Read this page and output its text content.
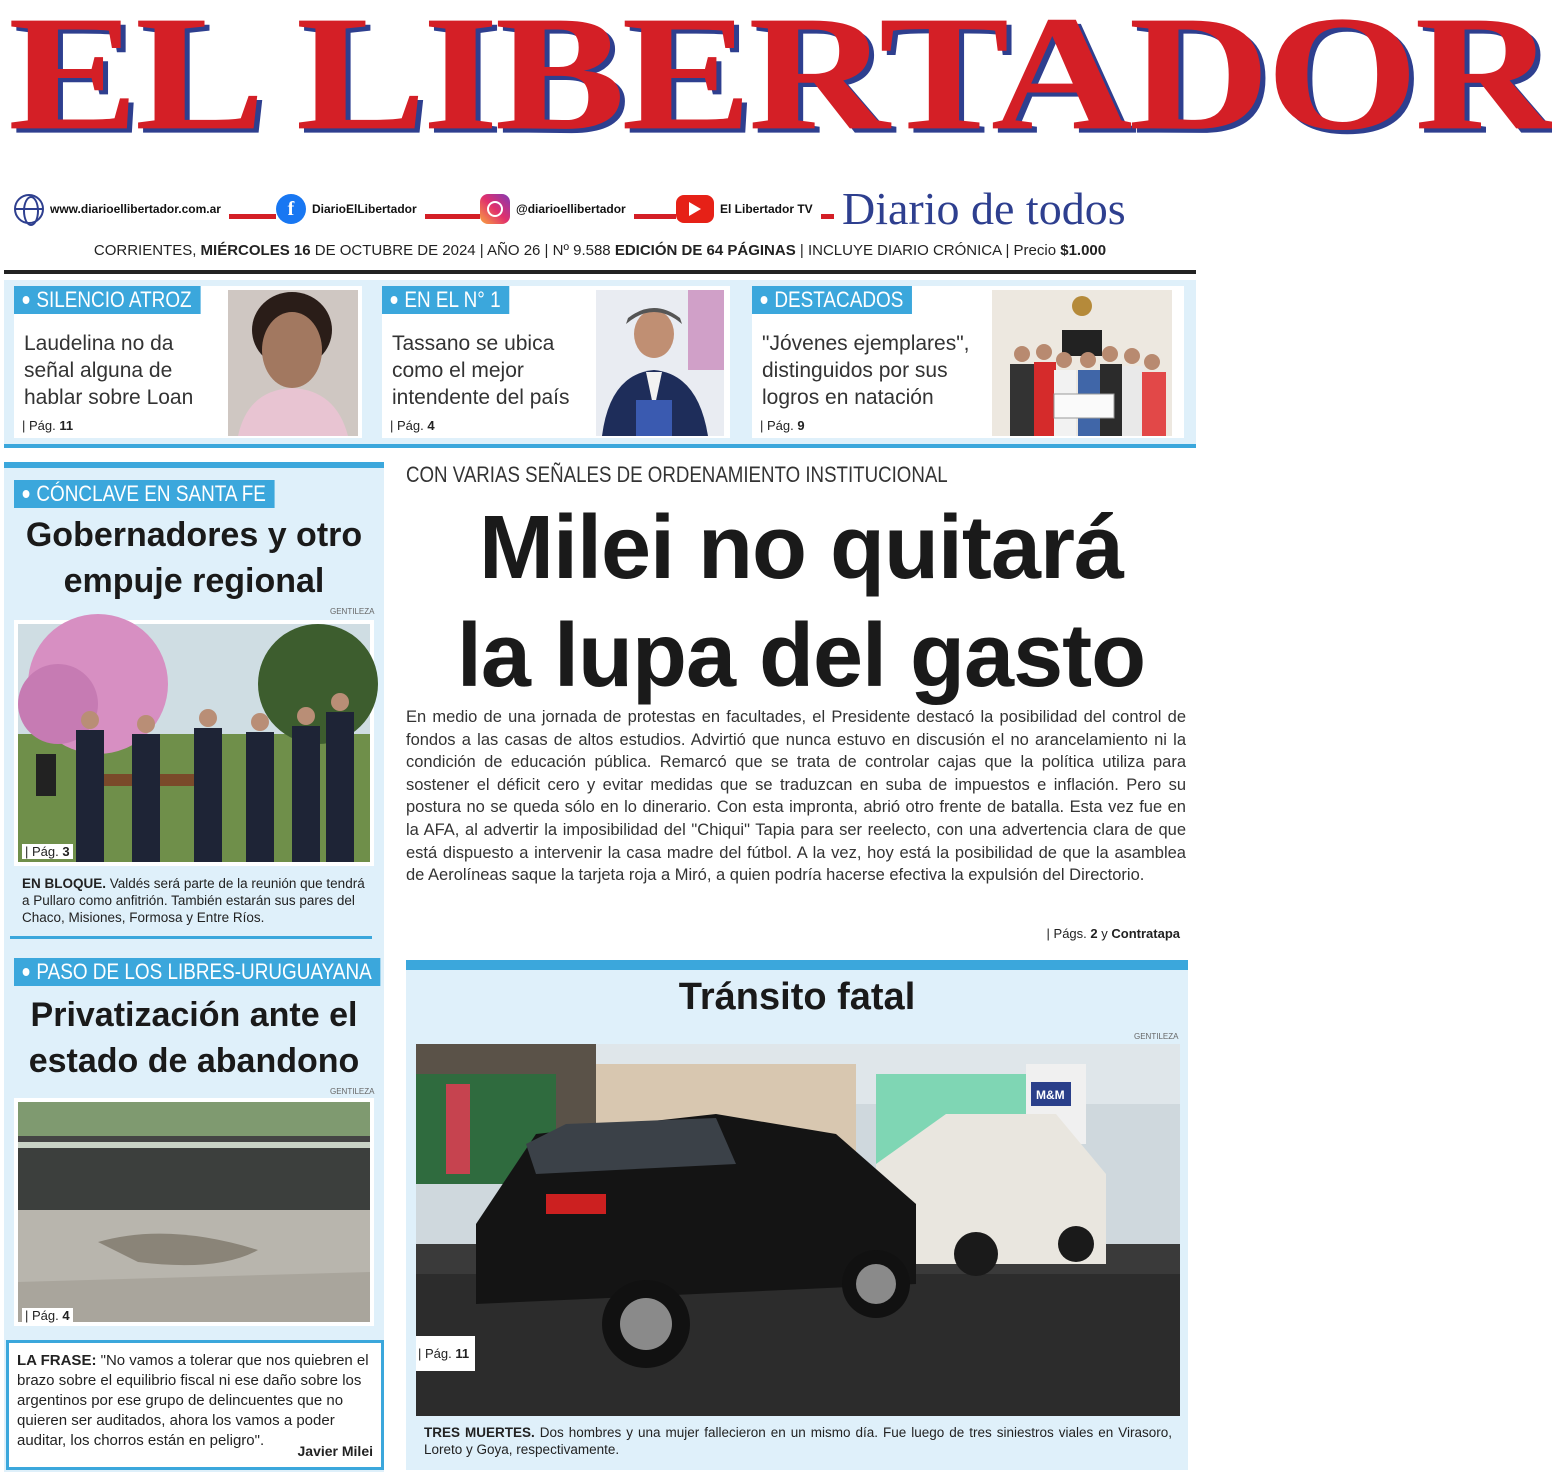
EL LIBERTADOR
www.diarioellibertador.com.ar	f	DiarioElLibertador	@diarioellibertador	El Libertador TV Diario de todos
CORRIENTES, MIÉRCOLES 16 DE OCTUBRE DE 2024 | AÑO 26 | Nº 9.588 EDICIÓN DE 64 PÁGINAS | INCLUYE DIARIO CRÓNICA | Precio $1.000
SILENCIO ATROZ
Laudelina no da señal alguna de hablar sobre Loan
| Pág. 11
EN EL N° 1
Tassano se ubica como el mejor intendente del país
| Pág. 4
DESTACADOS
"Jóvenes ejemplares", distinguidos por sus logros en natación
| Pág. 9
CÓNCLAVE EN SANTA FE
Gobernadores y otro empuje regional
GENTILEZA
| Pág. 3
EN BLOQUE. Valdés será parte de la reunión que tendrá a Pullaro como anfitrión. También estarán sus pares del Chaco, Misiones, Formosa y Entre Ríos.
PASO DE LOS LIBRES-URUGUAYANA
Privatización ante el estado de abandono
GENTILEZA
| Pág. 4
LA FRASE: "No vamos a tolerar que nos quiebren el brazo sobre el equilibrio fiscal ni ese daño sobre los argentinos por ese grupo de delincuentes que no quieren ser auditados, ahora los vamos a poder auditar, los chorros están en peligro".
Javier Milei
CON VARIAS SEÑALES DE ORDENAMIENTO INSTITUCIONAL
Milei no quitará
la lupa del gasto
En medio de una jornada de protestas en facultades, el Presidente destacó la posibilidad del control de fondos a las casas de altos estudios. Advirtió que nunca estuvo en discusión el no arancelamiento ni la condición de educación pública. Remarcó que se trata de controlar cajas que la política utiliza para sostener el déficit cero y evitar medidas que se traduzcan en suba de impuestos e inflación. Pero su postura no se queda sólo en lo dinerario. Con esta impronta, abrió otro frente de batalla. Esta vez fue en la AFA, al advertir la imposibilidad del "Chiqui" Tapia para ser reelecto, con una advertencia clara de que está dispuesto a intervenir la casa madre del fútbol. A la vez, hoy está la posibilidad de que la asamblea de Aerolíneas saque la tarjeta roja a Miró, a quien podría hacerse efectiva la expulsión del Directorio.
| Págs. 2 y Contratapa
Tránsito fatal
GENTILEZA
M&M
| Pág. 11
TRES MUERTES. Dos hombres y una mujer fallecieron en un mismo día. Fue luego de tres siniestros viales en Virasoro, Loreto y Goya, respectivamente.
